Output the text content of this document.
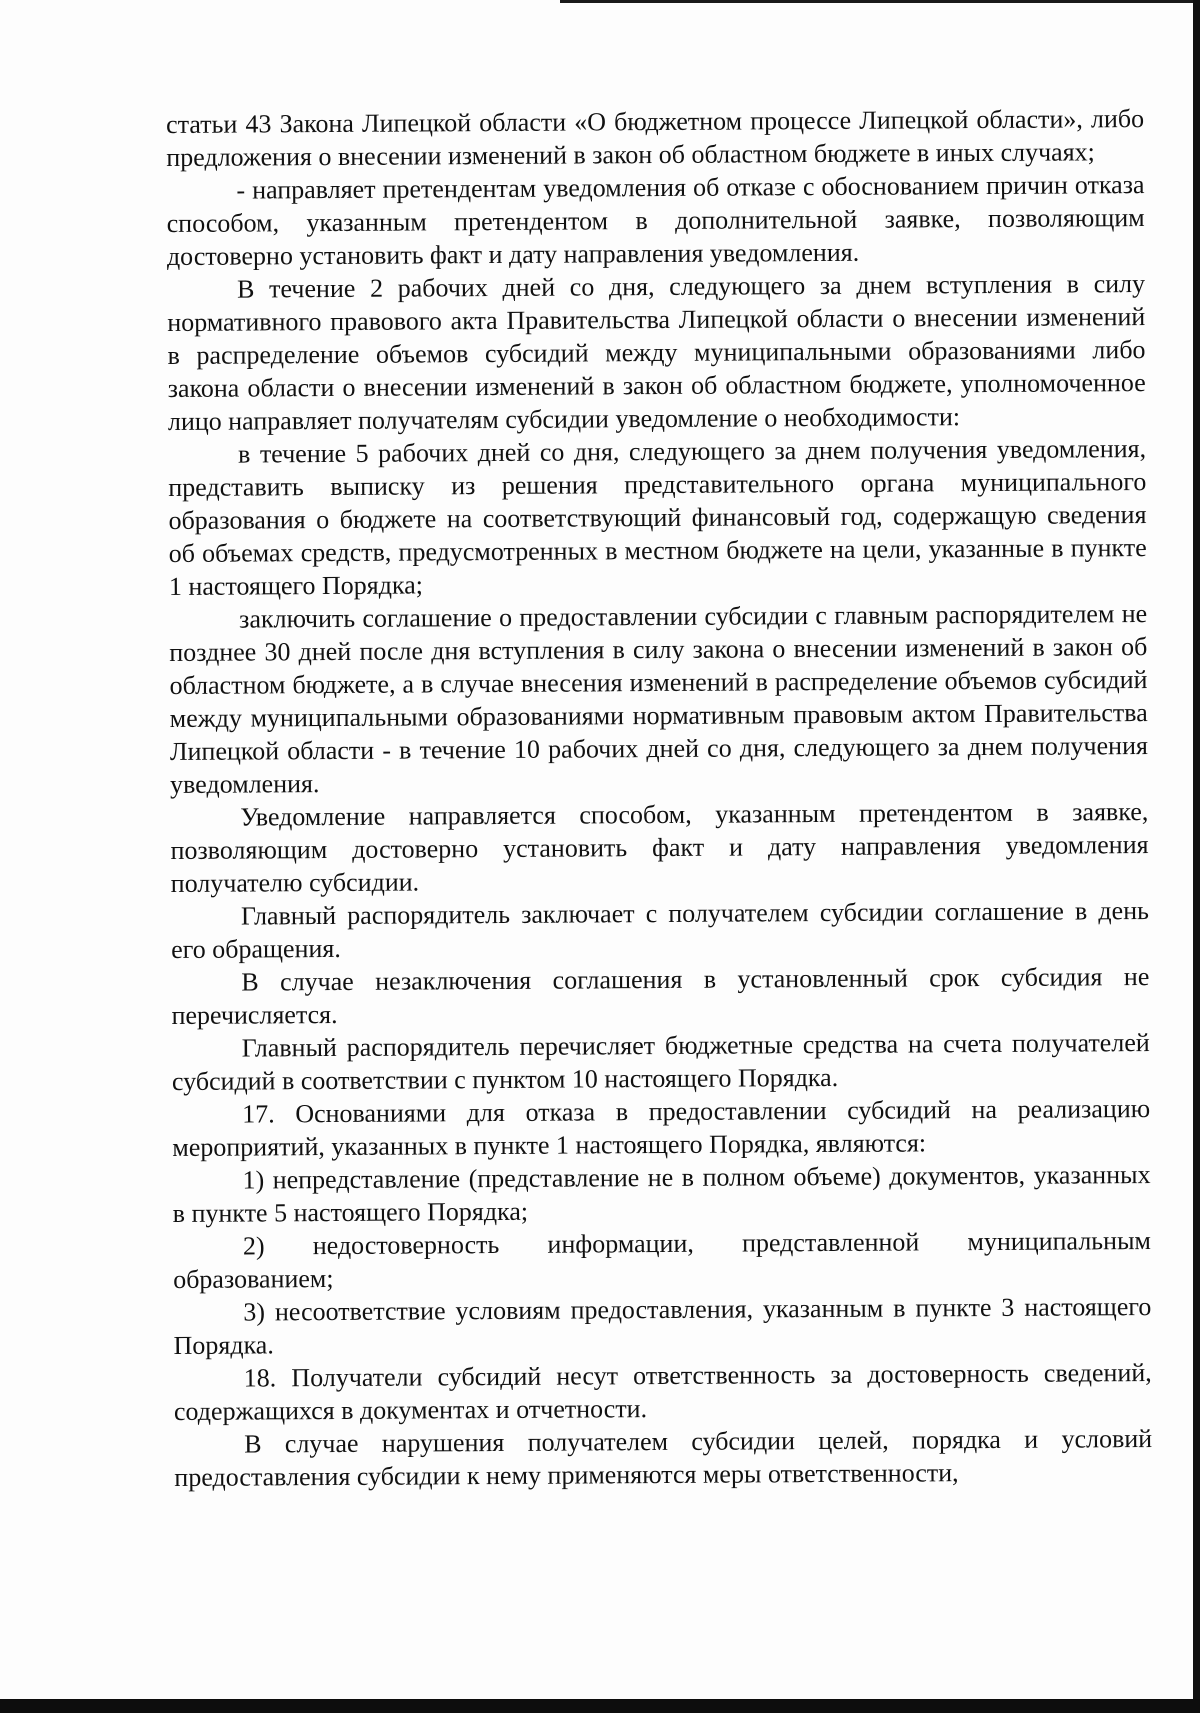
статьи 43 Закона Липецкой области «О бюджетном процессе Липецкой области», либо предложения о внесении изменений в закон об областном бюджете в иных случаях;

- направляет претендентам уведомления об отказе с обоснованием причин отказа способом, указанным претендентом в дополнительной заявке, позволяющим достоверно установить факт и дату направления уведомления.

В течение 2 рабочих дней со дня, следующего за днем вступления в силу нормативного правового акта Правительства Липецкой области о внесении изменений в распределение объемов субсидий между муниципальными образованиями либо закона области о внесении изменений в закон об областном бюджете, уполномоченное лицо направляет получателям субсидии уведомление о необходимости:

в течение 5 рабочих дней со дня, следующего за днем получения уведомления, представить выписку из решения представительного органа муниципального образования о бюджете на соответствующий финансовый год, содержащую сведения об объемах средств, предусмотренных в местном бюджете на цели, указанные в пункте 1 настоящего Порядка;

заключить соглашение о предоставлении субсидии с главным распорядителем не позднее 30 дней после дня вступления в силу закона о внесении изменений в закон об областном бюджете, а в случае внесения изменений в распределение объемов субсидий между муниципальными образованиями нормативным правовым актом Правительства Липецкой области - в течение 10 рабочих дней со дня, следующего за днем получения уведомления.

Уведомление направляется способом, указанным претендентом в заявке, позволяющим достоверно установить факт и дату направления уведомления получателю субсидии.

Главный распорядитель заключает с получателем субсидии соглашение в день его обращения.

В случае незаключения соглашения в установленный срок субсидия не перечисляется.

Главный распорядитель перечисляет бюджетные средства на счета получателей субсидий в соответствии с пунктом 10 настоящего Порядка.

17. Основаниями для отказа в предоставлении субсидий на реализацию мероприятий, указанных в пункте 1 настоящего Порядка, являются:

1) непредставление (представление не в полном объеме) документов, указанных в пункте 5 настоящего Порядка;

2) недостоверность информации, представленной муниципальным образованием;

3) несоответствие условиям предоставления, указанным в пункте 3 настоящего Порядка.

18. Получатели субсидий несут ответственность за достоверность сведений, содержащихся в документах и отчетности.

В случае нарушения получателем субсидии целей, порядка и условий предоставления субсидии к нему применяются меры ответственности,
